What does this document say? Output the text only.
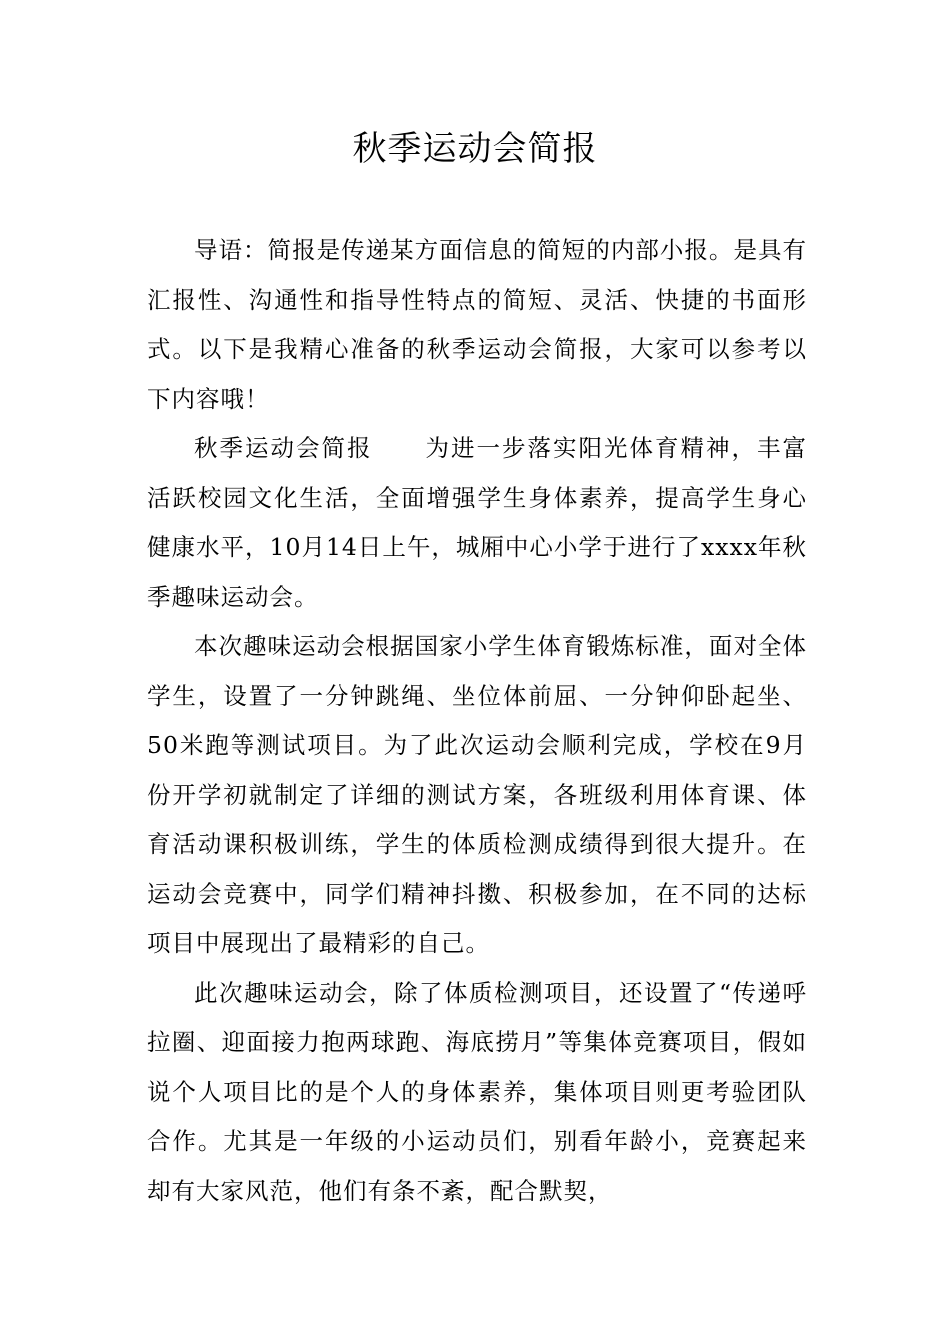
秋季运动会简报

导语：简报是传递某方面信息的简短的内部小报。是具有汇报性、沟通性和指导性特点的简短、灵活、快捷的书面形式。以下是我精心准备的秋季运动会简报，大家可以参考以下内容哦！

秋季运动会简报 为进一步落实阳光体育精神，丰富活跃校园文化生活，全面增强学生身体素养，提高学生身心健康水平，10月14日上午，城厢中心小学于进行了xxxx年秋季趣味运动会。

本次趣味运动会根据国家小学生体育锻炼标准，面对全体学生，设置了一分钟跳绳、坐位体前屈、一分钟仰卧起坐、50米跑等测试项目。为了此次运动会顺利完成，学校在9月份开学初就制定了详细的测试方案，各班级利用体育课、体育活动课积极训练，学生的体质检测成绩得到很大提升。在运动会竞赛中，同学们精神抖擞、积极参加，在不同的达标项目中展现出了最精彩的自己。

此次趣味运动会，除了体质检测项目，还设置了“传递呼拉圈、迎面接力抱两球跑、海底捞月”等集体竞赛项目，假如说个人项目比的是个人的身体素养，集体项目则更考验团队合作。尤其是一年级的小运动员们，别看年龄小，竞赛起来却有大家风范，他们有条不紊，配合默契，
